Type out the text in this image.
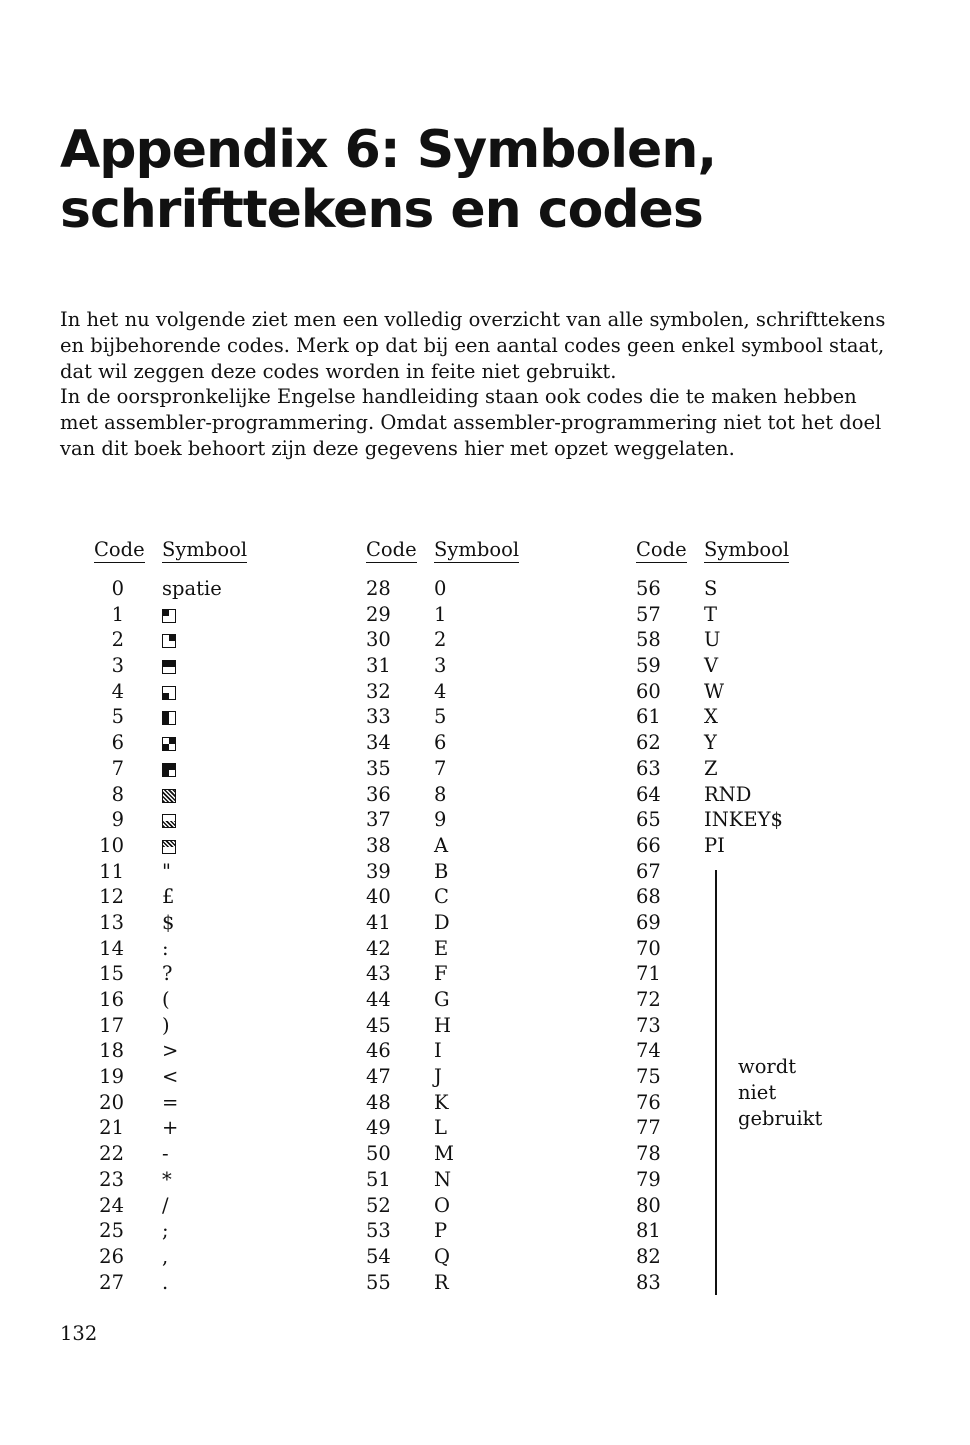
Appendix 6: Symbolen,
schrifttekens en codes

In het nu volgende ziet men een volledig overzicht van alle symbolen, schrifttekens en bijbehorende codes. Merk op dat bij een aantal codes geen enkel symbool staat, dat wil zeggen deze codes worden in feite niet gebruikt.

In de oorspronkelijke Engelse handleiding staan ook codes die te maken hebben met assembler-programmering. Omdat assembler-programmering niet tot het doel van dit boek behoort zijn deze gegevens hier met opzet weggelaten.

Code Symbool
0 spatie
1
2
3
4
5
6
7
8
9
10
11 "
12 £
13 $
14 :
15 ?
16 (
17 )
18 >
19 <
20 =
21 +
22 -
23 *
24 /
25 ;
26 ,
27 .
Code Symbool
28 0
29 1
30 2
31 3
32 4
33 5
34 6
35 7
36 8
37 9
38 A
39 B
40 C
41 D
42 E
43 F
44 G
45 H
46 I
47 J
48 K
49 L
50 M
51 N
52 O
53 P
54 Q
55 R
Code Symbool
56 S
57 T
58 U
59 V
60 W
61 X
62 Y
63 Z
64 RND
65 INKEY$
66 PI
67
68
69
70
71
72
73
74
75
76
77
78
79
80
81
82
83
wordt
niet
gebruikt
132
